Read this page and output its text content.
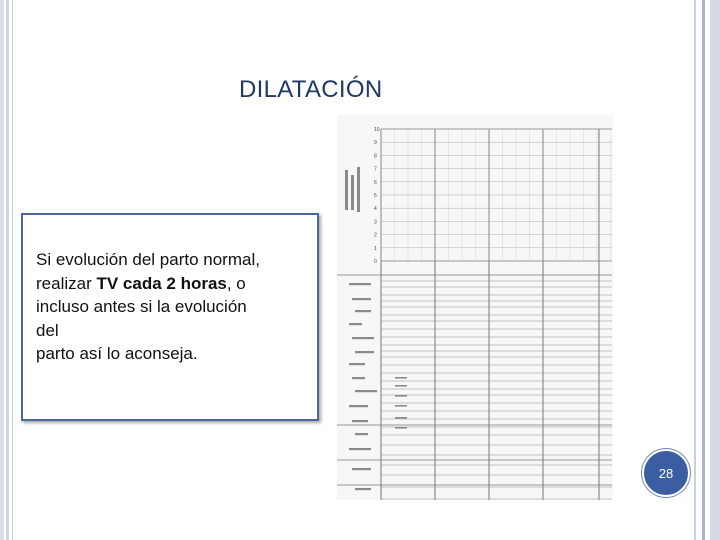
DILATACIÓN

Si evolución del parto normal,

realizar TV cada 2 horas, o

incluso antes si la evolución

del

parto así lo aconseja.

10
9
8
7
6
5
4
3
2
1
0
28
